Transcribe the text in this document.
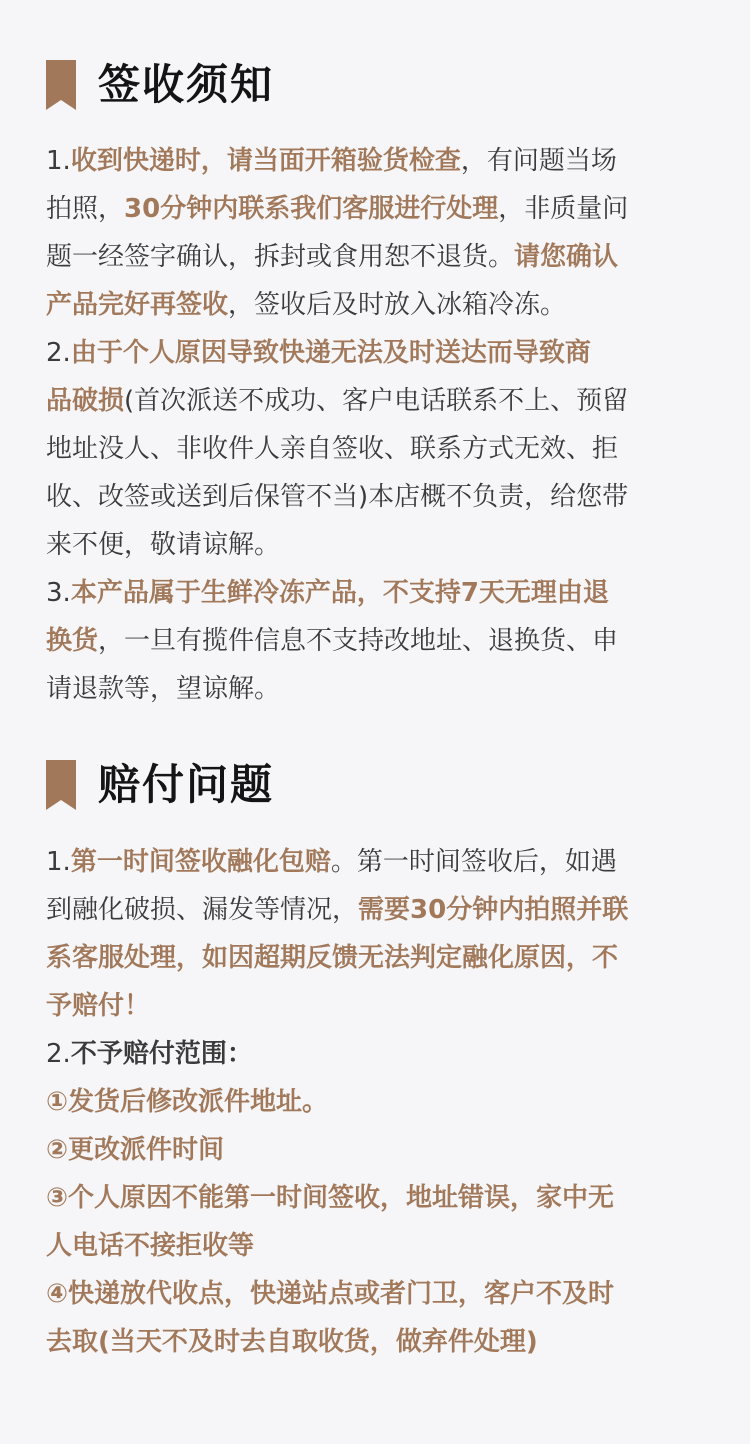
签收须知
1.收到快递时，请当面开箱验货检查，有问题当场
拍照，30分钟内联系我们客服进行处理，非质量问
题一经签字确认，拆封或食用恕不退货。请您确认
产品完好再签收，签收后及时放入冰箱冷冻。
2.由于个人原因导致快递无法及时送达而导致商
品破损(首次派送不成功、客户电话联系不上、预留
地址没人、非收件人亲自签收、联系方式无效、拒
收、改签或送到后保管不当)本店概不负责，给您带
来不便，敬请谅解。
3.本产品属于生鲜冷冻产品，不支持7天无理由退
换货，一旦有揽件信息不支持改地址、退换货、申
请退款等，望谅解。
赔付问题
1.第一时间签收融化包赔。第一时间签收后，如遇
到融化破损、漏发等情况，需要30分钟内拍照并联
系客服处理，如因超期反馈无法判定融化原因，不
予赔付！
2.不予赔付范围：
①发货后修改派件地址。
②更改派件时间
③个人原因不能第一时间签收，地址错误，家中无
人电话不接拒收等
④快递放代收点，快递站点或者门卫，客户不及时
去取(当天不及时去自取收货，做弃件处理)
